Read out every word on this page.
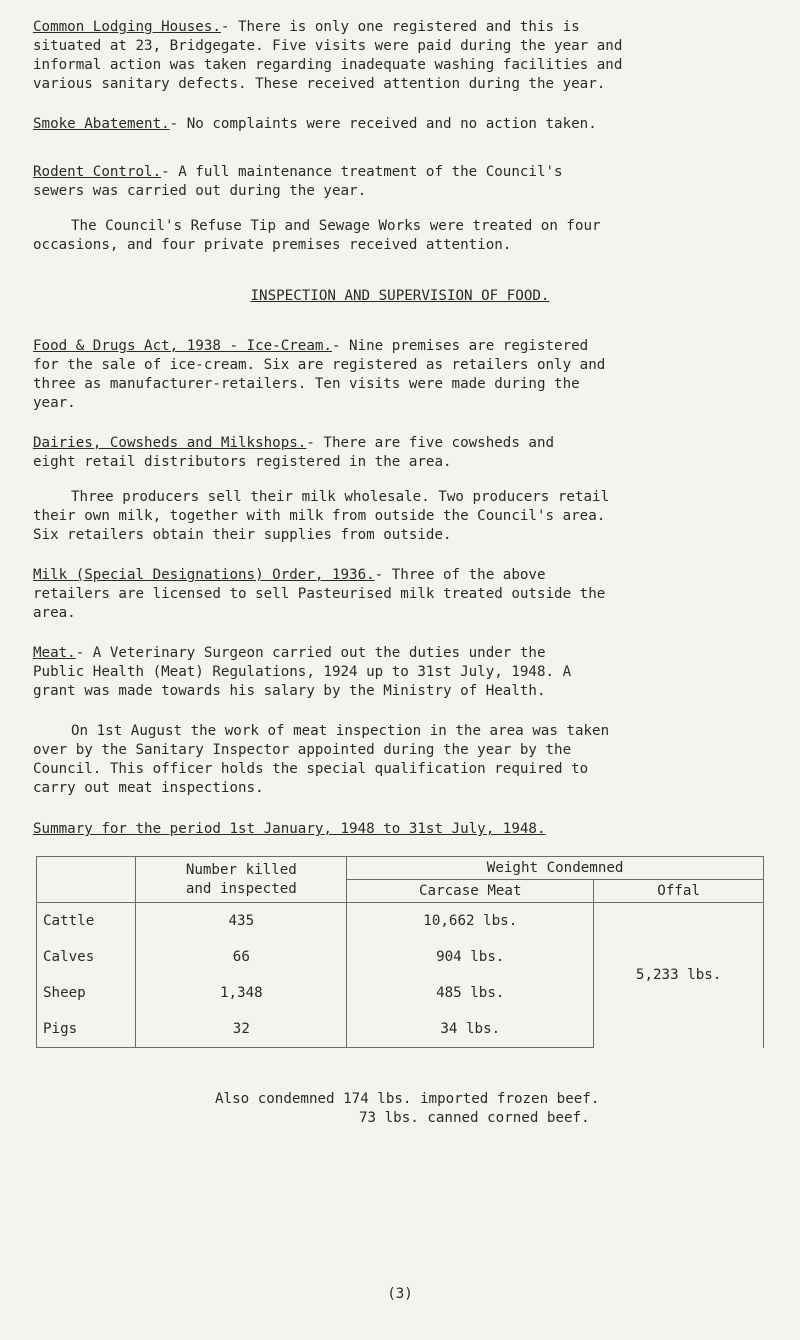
Common Lodging Houses.- There is only one registered and this is
situated at 23, Bridgegate. Five visits were paid during the year and
informal action was taken regarding inadequate washing facilities and
various sanitary defects. These received attention during the year.

Smoke Abatement.- No complaints were received and no action taken.

Rodent Control.- A full maintenance treatment of the Council's
sewers was carried out during the year.

The Council's Refuse Tip and Sewage Works were treated on four
occasions, and four private premises received attention.

INSPECTION AND SUPERVISION OF FOOD.

Food & Drugs Act, 1938 - Ice-Cream.- Nine premises are registered
for the sale of ice-cream. Six are registered as retailers only and
three as manufacturer-retailers. Ten visits were made during the
year.

Dairies, Cowsheds and Milkshops.- There are five cowsheds and
eight retail distributors registered in the area.

Three producers sell their milk wholesale. Two producers retail
their own milk, together with milk from outside the Council's area.
Six retailers obtain their supplies from outside.

Milk (Special Designations) Order, 1936.- Three of the above
retailers are licensed to sell Pasteurised milk treated outside the
area.

Meat.- A Veterinary Surgeon carried out the duties under the
Public Health (Meat) Regulations, 1924 up to 31st July, 1948. A
grant was made towards his salary by the Ministry of Health.

On 1st August the work of meat inspection in the area was taken
over by the Sanitary Inspector appointed during the year by the
Council. This officer holds the special qualification required to
carry out meat inspections.

Summary for the period 1st January, 1948 to 31st July, 1948.

	Number killed
and inspected	Weight Condemned	
		Carcase Meat	Offal
Cattle	435	10,662 lbs.	5,233 lbs.
Calves	66	904 lbs.	
Sheep	1,348	485 lbs.	
Pigs	32	34 lbs.	
Also condemned 174 lbs. imported frozen beef.
73 lbs. canned corned beef.
(3)
